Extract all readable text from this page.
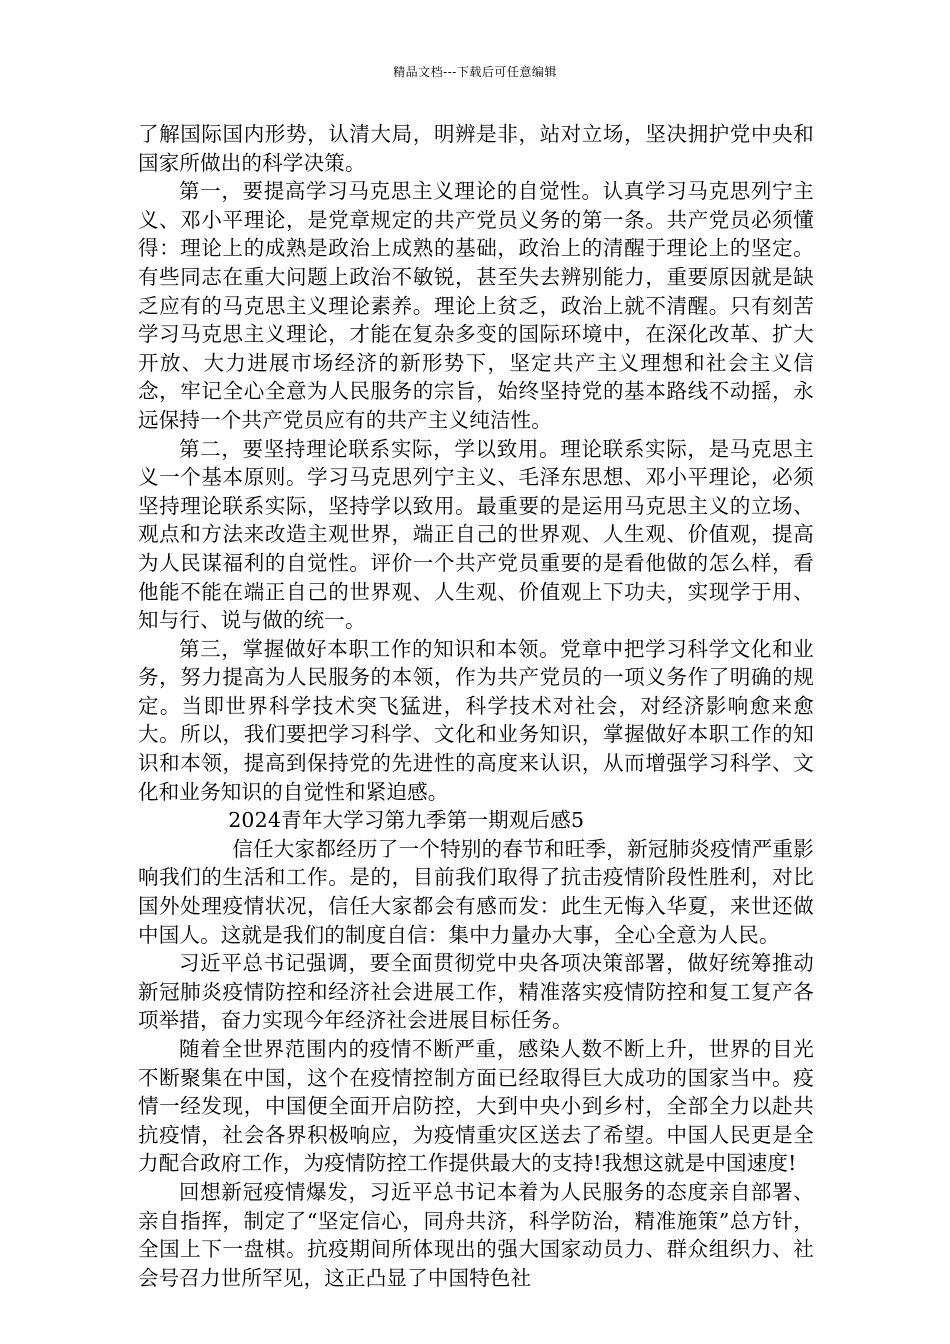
精品文档---下载后可任意编辑

了解国际国内形势，认清大局，明辨是非，站对立场，坚决拥护党中央和国家所做出的科学决策。

第一，要提高学习马克思主义理论的自觉性。认真学习马克思列宁主义、邓小平理论，是党章规定的共产党员义务的第一条。共产党员必须懂得：理论上的成熟是政治上成熟的基础，政治上的清醒于理论上的坚定。有些同志在重大问题上政治不敏锐，甚至失去辨别能力，重要原因就是缺乏应有的马克思主义理论素养。理论上贫乏，政治上就不清醒。只有刻苦学习马克思主义理论，才能在复杂多变的国际环境中，在深化改革、扩大开放、大力进展市场经济的新形势下，坚定共产主义理想和社会主义信念，牢记全心全意为人民服务的宗旨，始终坚持党的基本路线不动摇，永远保持一个共产党员应有的共产主义纯洁性。

第二，要坚持理论联系实际，学以致用。理论联系实际，是马克思主义一个基本原则。学习马克思列宁主义、毛泽东思想、邓小平理论，必须坚持理论联系实际，坚持学以致用。最重要的是运用马克思主义的立场、观点和方法来改造主观世界，端正自己的世界观、人生观、价值观，提高为人民谋福利的自觉性。评价一个共产党员重要的是看他做的怎么样，看他能不能在端正自己的世界观、人生观、价值观上下功夫，实现学于用、知与行、说与做的统一。

第三，掌握做好本职工作的知识和本领。党章中把学习科学文化和业务，努力提高为人民服务的本领，作为共产党员的一项义务作了明确的规定。当即世界科学技术突飞猛进，科学技术对社会，对经济影响愈来愈大。所以，我们要把学习科学、文化和业务知识，掌握做好本职工作的知识和本领，提高到保持党的先进性的高度来认识，从而增强学习科学、文化和业务知识的自觉性和紧迫感。

2024青年大学习第九季第一期观后感5

信任大家都经历了一个特别的春节和旺季，新冠肺炎疫情严重影响我们的生活和工作。是的，目前我们取得了抗击疫情阶段性胜利，对比国外处理疫情状况，信任大家都会有感而发：此生无悔入华夏，来世还做中国人。这就是我们的制度自信：集中力量办大事，全心全意为人民。

习近平总书记强调，要全面贯彻党中央各项决策部署，做好统筹推动新冠肺炎疫情防控和经济社会进展工作，精准落实疫情防控和复工复产各项举措，奋力实现今年经济社会进展目标任务。

随着全世界范围内的疫情不断严重，感染人数不断上升，世界的目光不断聚集在中国，这个在疫情控制方面已经取得巨大成功的国家当中。疫情一经发现，中国便全面开启防控，大到中央小到乡村，全部全力以赴共抗疫情，社会各界积极响应，为疫情重灾区送去了希望。中国人民更是全力配合政府工作，为疫情防控工作提供最大的支持!我想这就是中国速度!

回想新冠疫情爆发，习近平总书记本着为人民服务的态度亲自部署、亲自指挥，制定了“坚定信心，同舟共济，科学防治，精准施策”总方针，全国上下一盘棋。抗疫期间所体现出的强大国家动员力、群众组织力、社会号召力世所罕见，这正凸显了中国特色社
